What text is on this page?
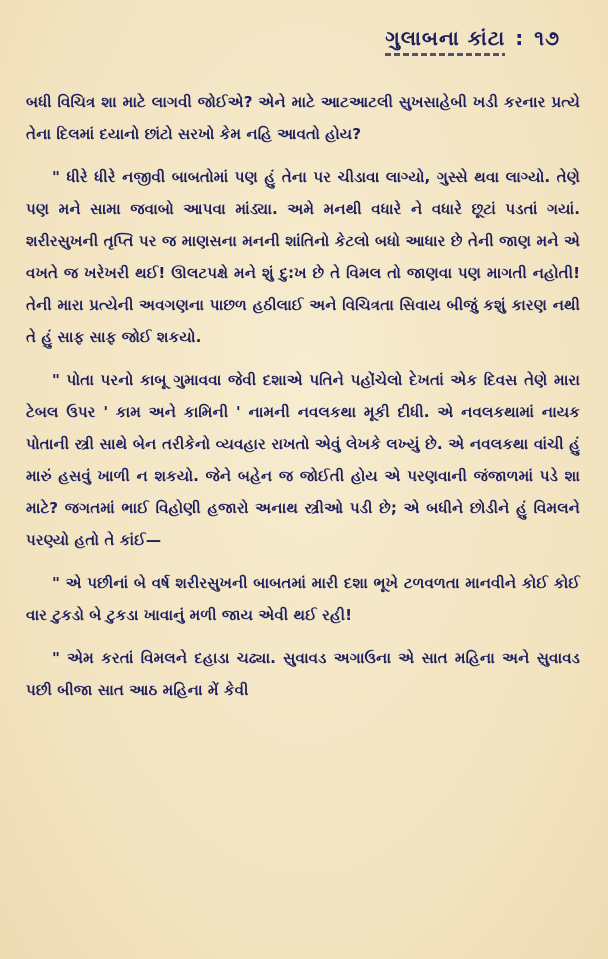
ગુલાબના કાંટા : ૧૭

બધી વિચિત્ર શા માટે લાગવી જોઈએ? એને માટે આટઆટલી સુખસાહેબી ખડી કરનાર પ્રત્યે તેના દિલમાં દયાનો છાંટો સરખો કેમ નહિ આવતો હોય?

" ધીરે ધીરે નજીવી બાબતોમાં પણ હું તેના પર ચીડાવા લાગ્યો, ગુસ્સે થવા લાગ્યો. તેણે પણ મને સામા જવાબો આપવા માંડ્યા. અમે મનથી વધારે ને વધારે છૂટાં પડતાં ગયાં. શરીરસુખની તૃપ્તિ પર જ માણસના મનની શાંતિનો કેટલો બધો આધાર છે તેની જાણ મને એ વખતે જ ખરેખરી થઈ! ઊલટપક્ષે મને શું દુ:ખ છે તે વિમલ તો જાણવા પણ માગતી નહોતી! તેની મારા પ્રત્યેની અવગણના પાછળ હઠીલાઈ અને વિચિત્રતા સિવાય બીજું કશું કારણ નથી તે હું સાફ સાફ જોઈ શકયો.

" પોતા પરનો કાબૂ ગુમાવવા જેવી દશાએ પતિને પહોંચેલો દેખતાં એક દિવસ તેણે મારા ટેબલ ઉપર ' કામ અને કામિની ' નામની નવલકથા મૂકી દીધી. એ નવલકથામાં નાયક પોતાની સ્ત્રી સાથે બેન તરીકેનો વ્યવહાર રાખતો એવું લેખકે લખ્યું છે. એ નવલકથા વાંચી હું મારું હસવું ખાળી ન શકયો. જેને બહેન જ જોઈતી હોય એ પરણવાની જંજાળમાં પડે શા માટે? જગતમાં ભાઈ વિહોણી હજારો અનાથ સ્ત્રીઓ પડી છે; એ બધીને છોડીને હું વિમલને પરણ્યો હતો તે કાંઈ—

" એ પછીનાં બે વર્ષ શરીરસુખની બાબતમાં મારી દશા ભૂખે ટળવળતા માનવીને કોઈ કોઈ વાર ટુકડો બે ટુકડા ખાવાનું મળી જાય એવી થઈ રહી!

" એમ કરતાં વિમલને દહાડા ચઢ્યા. સુવાવડ અગાઉના એ સાત મહિના અને સુવાવડ પછી બીજા સાત આઠ મહિના મેં કેવી
